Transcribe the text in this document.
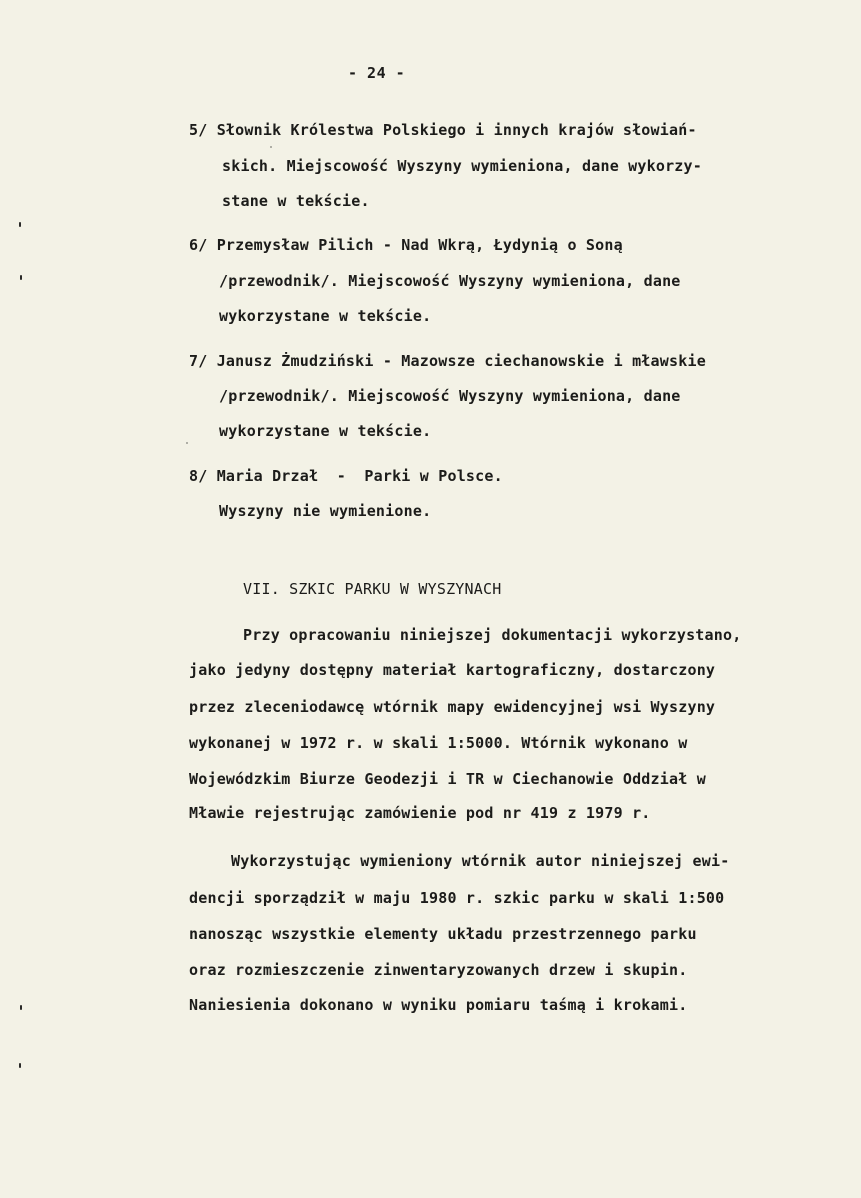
- 24 -
5/ Słownik Królestwa Polskiego i innych krajów słowiań-
skich. Miejscowość Wyszyny wymieniona, dane wykorzy-
stane w tekście.
6/ Przemysław Pilich - Nad Wkrą, Łydynią o Soną
/przewodnik/. Miejscowość Wyszyny wymieniona, dane
wykorzystane w tekście.
7/ Janusz Żmudziński - Mazowsze ciechanowskie i mławskie
/przewodnik/. Miejscowość Wyszyny wymieniona, dane
wykorzystane w tekście.
8/ Maria Drzał  -  Parki w Polsce.
Wyszyny nie wymienione.
VII. SZKIC PARKU W WYSZYNACH
Przy opracowaniu niniejszej dokumentacji wykorzystano,
jako jedyny dostępny materiał kartograficzny, dostarczony
przez zleceniodawcę wtórnik mapy ewidencyjnej wsi Wyszyny
wykonanej w 1972 r. w skali 1:5000. Wtórnik wykonano w
Wojewódzkim Biurze Geodezji i TR w Ciechanowie Oddział w
Mławie rejestrując zamówienie pod nr 419 z 1979 r.
Wykorzystując wymieniony wtórnik autor niniejszej ewi-
dencji sporządził w maju 1980 r. szkic parku w skali 1:500
nanosząc wszystkie elementy układu przestrzennego parku
oraz rozmieszczenie zinwentaryzowanych drzew i skupin.
Naniesienia dokonano w wyniku pomiaru taśmą i krokami.
